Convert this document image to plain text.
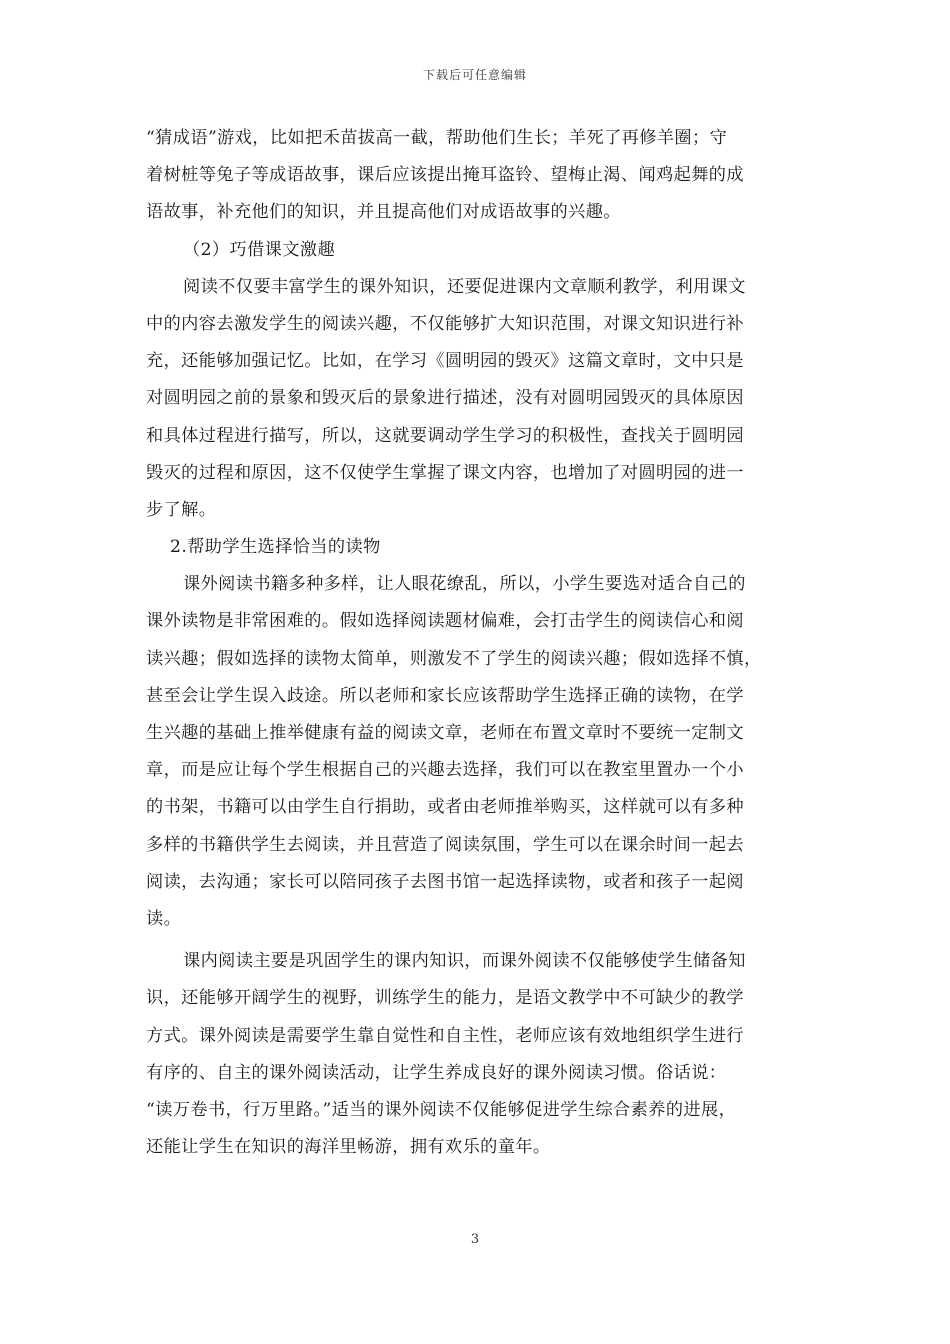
下载后可任意编辑
“猜成语”游戏，比如把禾苗拔高一截，帮助他们生长；羊死了再修羊圈；守
着树桩等兔子等成语故事，课后应该提出掩耳盗铃、望梅止渴、闻鸡起舞的成
语故事，补充他们的知识，并且提高他们对成语故事的兴趣。
（2）巧借课文激趣
阅读不仅要丰富学生的课外知识，还要促进课内文章顺利教学，利用课文
中的内容去激发学生的阅读兴趣，不仅能够扩大知识范围，对课文知识进行补
充，还能够加强记忆。比如，在学习《圆明园的毁灭》这篇文章时，文中只是
对圆明园之前的景象和毁灭后的景象进行描述，没有对圆明园毁灭的具体原因
和具体过程进行描写，所以，这就要调动学生学习的积极性，查找关于圆明园
毁灭的过程和原因，这不仅使学生掌握了课文内容，也增加了对圆明园的进一
步了解。
2.帮助学生选择恰当的读物
课外阅读书籍多种多样，让人眼花缭乱，所以，小学生要选对适合自己的
课外读物是非常困难的。假如选择阅读题材偏难，会打击学生的阅读信心和阅
读兴趣；假如选择的读物太简单，则激发不了学生的阅读兴趣；假如选择不慎，
甚至会让学生误入歧途。所以老师和家长应该帮助学生选择正确的读物，在学
生兴趣的基础上推举健康有益的阅读文章，老师在布置文章时不要统一定制文
章，而是应让每个学生根据自己的兴趣去选择，我们可以在教室里置办一个小
的书架，书籍可以由学生自行捐助，或者由老师推举购买，这样就可以有多种
多样的书籍供学生去阅读，并且营造了阅读氛围，学生可以在课余时间一起去
阅读，去沟通；家长可以陪同孩子去图书馆一起选择读物，或者和孩子一起阅
读。
课内阅读主要是巩固学生的课内知识，而课外阅读不仅能够使学生储备知
识，还能够开阔学生的视野，训练学生的能力，是语文教学中不可缺少的教学
方式。课外阅读是需要学生靠自觉性和自主性，老师应该有效地组织学生进行
有序的、自主的课外阅读活动，让学生养成良好的课外阅读习惯。俗话说：
“读万卷书，行万里路。”适当的课外阅读不仅能够促进学生综合素养的进展，
还能让学生在知识的海洋里畅游，拥有欢乐的童年。
3
